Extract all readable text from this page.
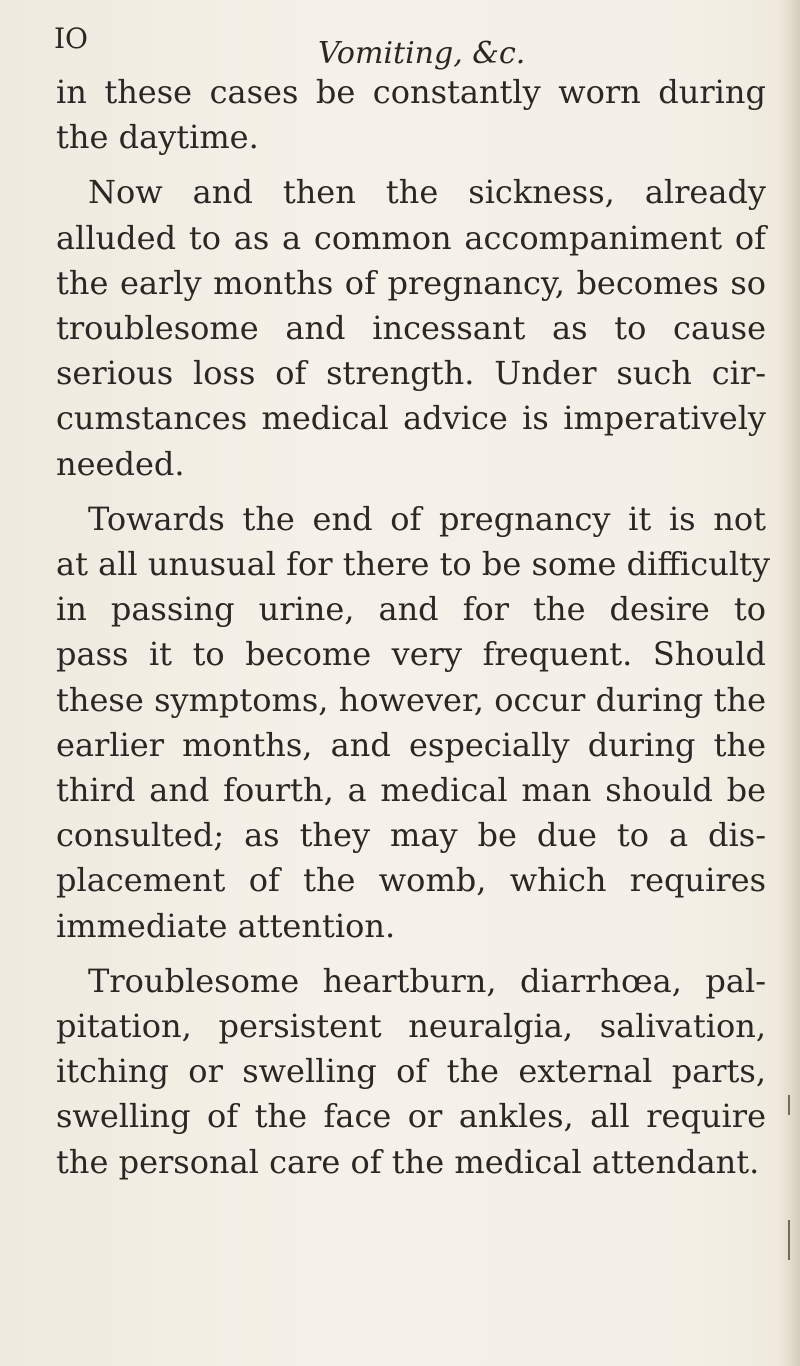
IO	Vomiting, &c.

in these cases be constantly worn during
the daytime.

Now and then the sickness, already
alluded to as a common accompaniment of
the early months of pregnancy, becomes so
troublesome and incessant as to cause
serious loss of strength. Under such cir-
cumstances medical advice is imperatively
needed.

Towards the end of pregnancy it is not
at all unusual for there to be some difficulty
in passing urine, and for the desire to
pass it to become very frequent. Should
these symptoms, however, occur during the
earlier months, and especially during the
third and fourth, a medical man should be
consulted; as they may be due to a dis-
placement of the womb, which requires
immediate attention.

Troublesome heartburn, diarrhœa, pal-
pitation, persistent neuralgia, salivation,
itching or swelling of the external parts,
swelling of the face or ankles, all require
the personal care of the medical attendant.
